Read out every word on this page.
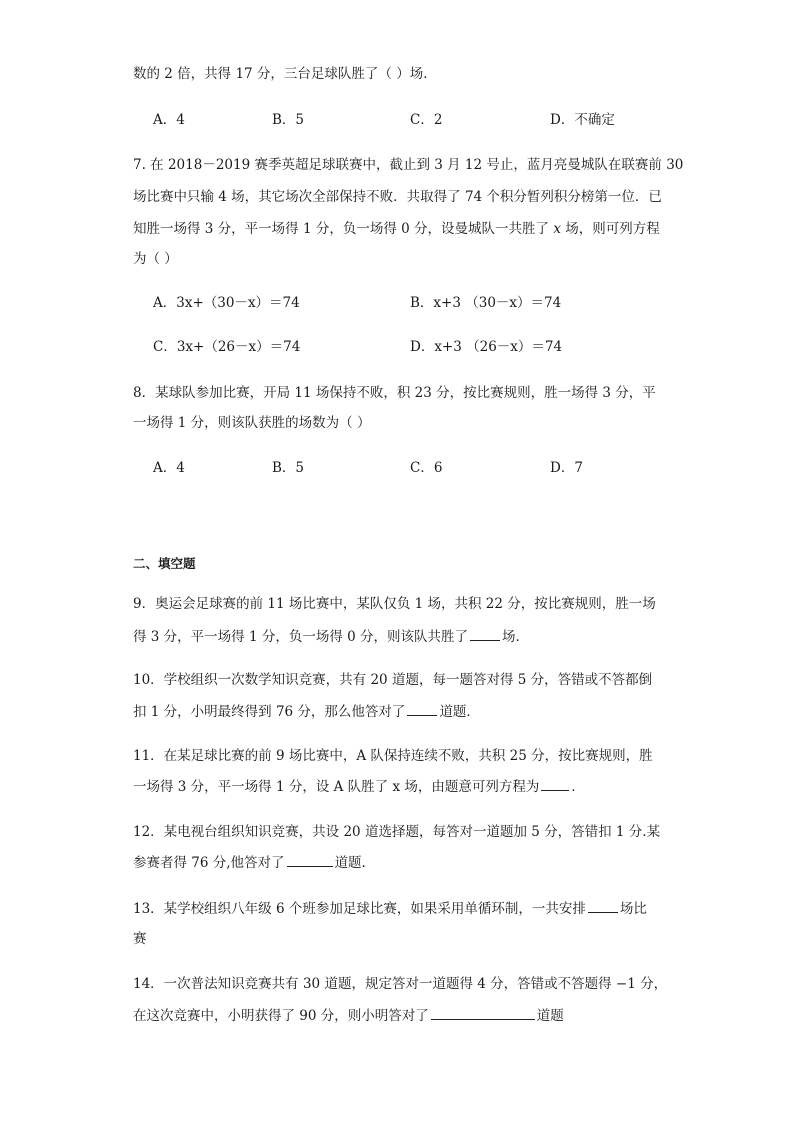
数的 2 倍，共得 17 分，三台足球队胜了（ ）场．
A．4	B．5	C．2	D．不确定
7. 在 2018－2019 赛季英超足球联赛中，截止到 3 月 12 号止，蓝月亮曼城队在联赛前 30
场比赛中只输 4 场，其它场次全部保持不败．共取得了 74 个积分暂列积分榜第一位．已
知胜一场得 3 分，平一场得 1 分，负一场得 0 分，设曼城队一共胜了 x 场，则可列方程
为（ ）
A．3x+（30－x）＝74	B．x+3 （30－x）＝74
C．3x+（26－x）＝74	D．x+3 （26－x）＝74
8．某球队参加比赛，开局 11 场保持不败，积 23 分，按比赛规则，胜一场得 3 分，平
一场得 1 分，则该队获胜的场数为（ ）
A．4	B．5	C．6	D．7
二、填空题
9．奥运会足球赛的前 11 场比赛中，某队仅负 1 场，共积 22 分，按比赛规则，胜一场
得 3 分，平一场得 1 分，负一场得 0 分，则该队共胜了	场．
10．学校组织一次数学知识竞赛，共有 20 道题，每一题答对得 5 分，答错或不答都倒
扣 1 分，小明最终得到 76 分，那么他答对了	道题．
11．在某足球比赛的前 9 场比赛中，A 队保持连续不败，共积 25 分，按比赛规则，胜
一场得 3 分，平一场得 1 分，设 A 队胜了 x 场，由题意可列方程为 ．
12．某电视台组织知识竞赛，共设 20 道选择题，每答对一道题加 5 分，答错扣 1 分.某
参赛者得 76 分,他答对了	道题.
13．某学校组织八年级 6 个班参加足球比赛，如果采用单循环制，一共安排	场比
赛
14．一次普法知识竞赛共有 30 道题，规定答对一道题得 4 分，答错或不答题得 −1 分，
在这次竞赛中，小明获得了 90 分，则小明答对了	道题
